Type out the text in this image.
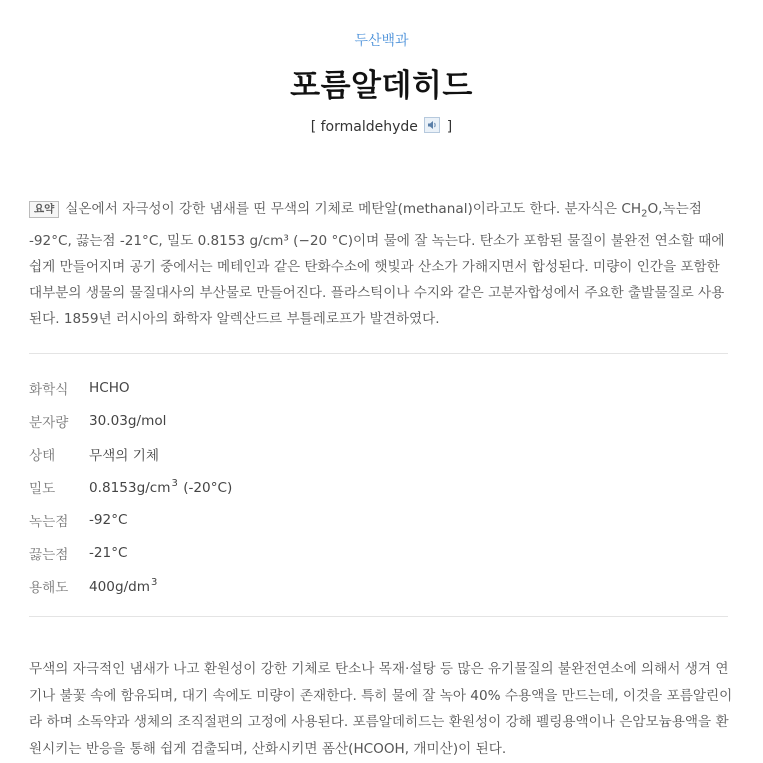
두산백과
포름알데히드
[ formaldehyde
]
요약 실온에서 자극성이 강한 냄새를 띤 무색의 기체로 메탄알(methanal)이라고도 한다. 분자식은 $CH_2O$,녹는점 -92°C, 끓는점 -21°C, 밀도 0.8153 g/cm³ (−20 °C)이며 물에 잘 녹는다. 탄소가 포함된 물질이 불완전 연소할 때에 쉽게 만들어지며 공기 중에서는 메테인과 같은 탄화수소에 햇빛과 산소가 가해지면서 합성된다. 미량이 인간을 포함한 대부분의 생물의 물질대사의 부산물로 만들어진다. 플라스틱이나 수지와 같은 고분자합성에서 주요한 출발물질로 사용된다. 1859년 러시아의 화학자 알렉산드르 부틀레로프가 발견하였다.
화학식	HCHO
분자량	30.03g/mol
상태	무색의 기체
밀도	$0.8153g/cm^3$ (-20°C)
녹는점	-92°C
끓는점	-21°C
용해도	$400g/dm^3$
무색의 자극적인 냄새가 나고 환원성이 강한 기체로 탄소나 목재·설탕 등 많은 유기물질의 불완전연소에 의해서 생겨 연기나 불꽃 속에 함유되며, 대기 속에도 미량이 존재한다. 특히 물에 잘 녹아 40% 수용액을 만드는데, 이것을 포름알린이라 하며 소독약과 생체의 조직절편의 고정에 사용된다. 포름알데히드는 환원성이 강해 펠링용액이나 은암모늄용액을 환원시키는 반응을 통해 쉽게 검출되며, 산화시키면 폼산(HCOOH, 개미산)이 된다.
